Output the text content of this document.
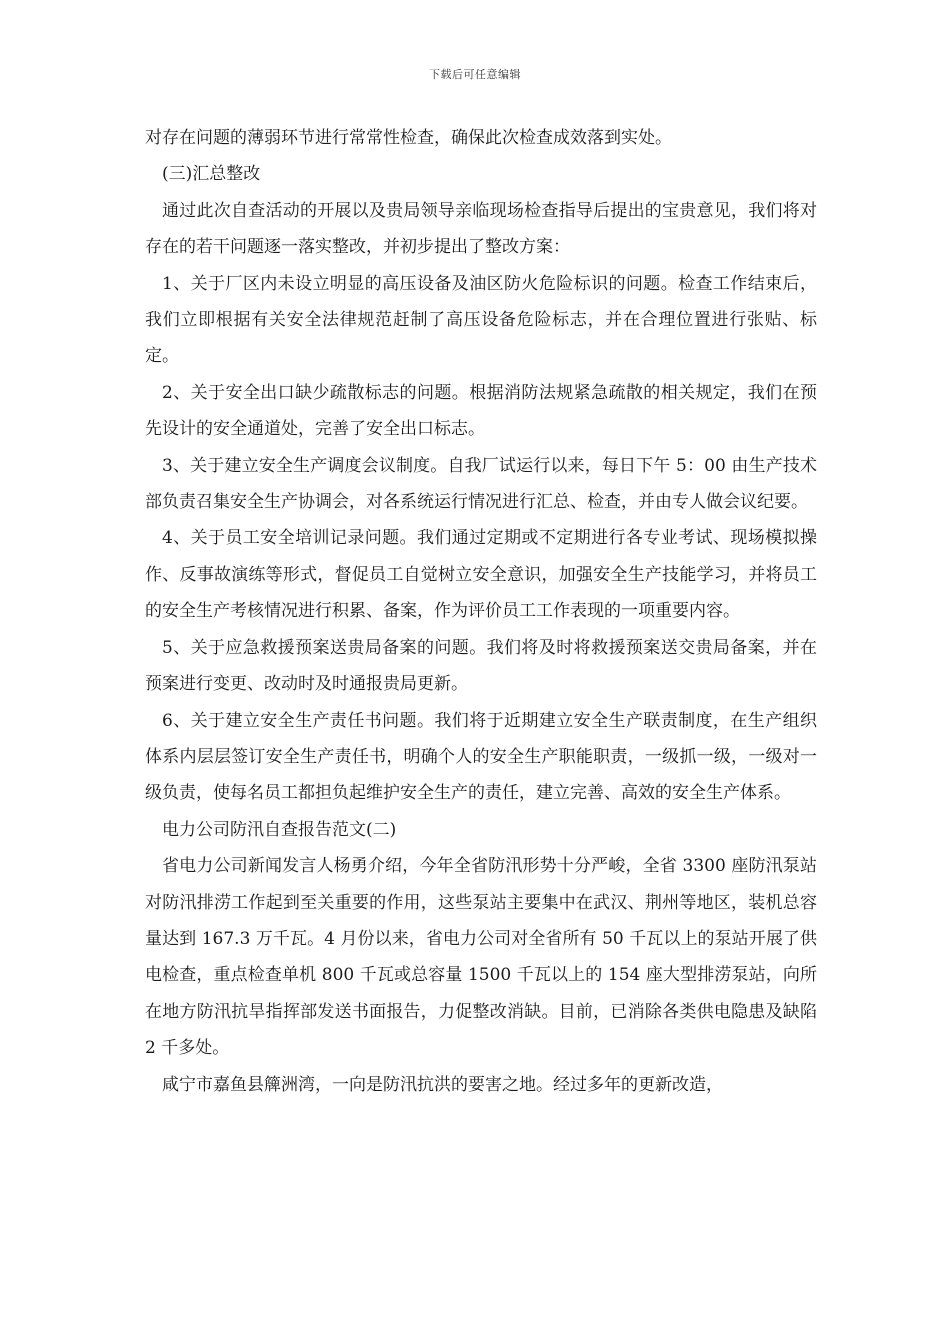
下载后可任意编辑

对存在问题的薄弱环节进行常常性检查，确保此次检查成效落到实处。

(三)汇总整改

通过此次自查活动的开展以及贵局领导亲临现场检查指导后提出的宝贵意见，我们将对存在的若干问题逐一落实整改，并初步提出了整改方案：

1、关于厂区内未设立明显的高压设备及油区防火危险标识的问题。检查工作结束后，我们立即根据有关安全法律规范赶制了高压设备危险标志，并在合理位置进行张贴、标定。

2、关于安全出口缺少疏散标志的问题。根据消防法规紧急疏散的相关规定，我们在预先设计的安全通道处，完善了安全出口标志。

3、关于建立安全生产调度会议制度。自我厂试运行以来，每日下午 5：00 由生产技术部负责召集安全生产协调会，对各系统运行情况进行汇总、检查，并由专人做会议纪要。

4、关于员工安全培训记录问题。我们通过定期或不定期进行各专业考试、现场模拟操作、反事故演练等形式，督促员工自觉树立安全意识，加强安全生产技能学习，并将员工的安全生产考核情况进行积累、备案，作为评价员工工作表现的一项重要内容。

5、关于应急救援预案送贵局备案的问题。我们将及时将救援预案送交贵局备案，并在预案进行变更、改动时及时通报贵局更新。

6、关于建立安全生产责任书问题。我们将于近期建立安全生产联责制度，在生产组织体系内层层签订安全生产责任书，明确个人的安全生产职能职责，一级抓一级，一级对一级负责，使每名员工都担负起维护安全生产的责任，建立完善、高效的安全生产体系。

电力公司防汛自查报告范文(二)

省电力公司新闻发言人杨勇介绍，今年全省防汛形势十分严峻，全省 3300 座防汛泵站对防汛排涝工作起到至关重要的作用，这些泵站主要集中在武汉、荆州等地区，装机总容量达到 167.3 万千瓦。4 月份以来，省电力公司对全省所有 50 千瓦以上的泵站开展了供电检查，重点检查单机 800 千瓦或总容量 1500 千瓦以上的 154 座大型排涝泵站，向所在地方防汛抗旱指挥部发送书面报告，力促整改消缺。目前，已消除各类供电隐患及缺陷 2 千多处。

咸宁市嘉鱼县簰洲湾，一向是防汛抗洪的要害之地。经过多年的更新改造，
